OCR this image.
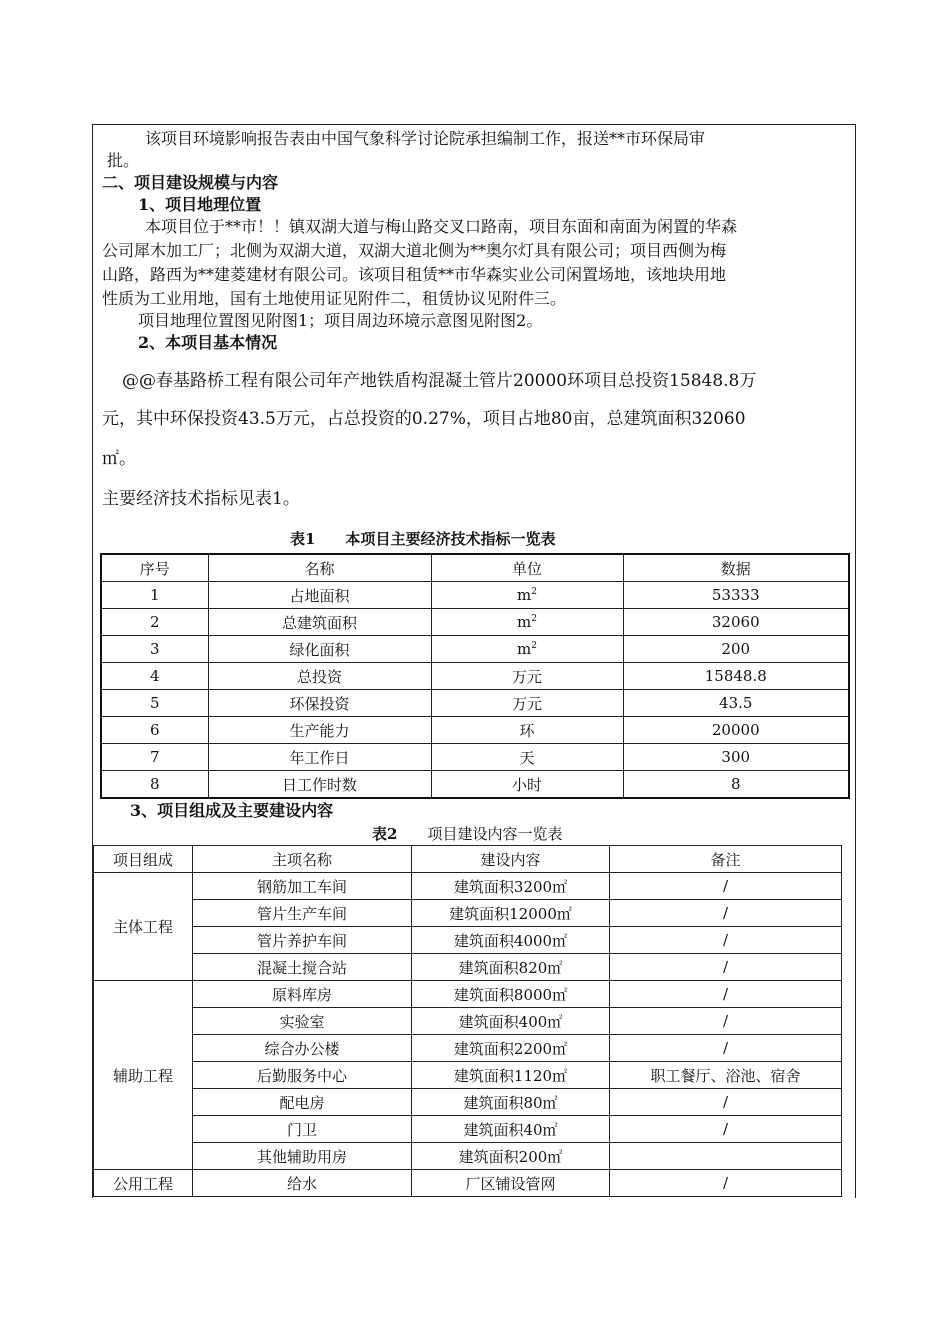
该项目环境影响报告表由中国气象科学讨论院承担编制工作，报送**市环保局审
批。
二、项目建设规模与内容
1、项目地理位置
本项目位于**市！！镇双湖大道与梅山路交叉口路南，项目东面和南面为闲置的华森
公司犀木加工厂；北侧为双湖大道，双湖大道北侧为**奥尔灯具有限公司；项目西侧为梅
山路，路西为**建菱建材有限公司。该项目租赁**市华森实业公司闲置场地，该地块用地
性质为工业用地，国有土地使用证见附件二，租赁协议见附件三。
项目地理位置图见附图1；项目周边环境示意图见附图2。
2、本项目基本情况
@@春基路桥工程有限公司年产地铁盾构混凝土管片20000环项目总投资15848.8万
元，其中环保投资43.5万元，占总投资的0.27%，项目占地80亩，总建筑面积32060
㎡。
主要经济技术指标见表1。
表1　　本项目主要经济技术指标一览表
序号	名称	单位	数据
1	占地面积	$m^2$	53333
2	总建筑面积	$m^2$	32060
3	绿化面积	$m^2$	200
4	总投资	万元	15848.8
5	环保投资	万元	43.5
6	生产能力	环	20000
7	年工作日	天	300
8	日工作时数	小时	8
3、项目组成及主要建设内容
表2　　项目建设内容一览表
项目组成	主项名称	建设内容	备注
主体工程	钢筋加工车间	建筑面积3200㎡	/
	管片生产车间	建筑面积12000㎡	/
	管片养护车间	建筑面积4000㎡	/
	混凝土搅合站	建筑面积820㎡	/
辅助工程	原料库房	建筑面积8000㎡	/
	实验室	建筑面积400㎡	/
	综合办公楼	建筑面积2200㎡	/
	后勤服务中心	建筑面积1120㎡	职工餐厅、浴池、宿舍
	配电房	建筑面积80㎡	/
	门卫	建筑面积40㎡	/
	其他辅助用房	建筑面积200㎡	
公用工程	给水	厂区铺设管网	/
